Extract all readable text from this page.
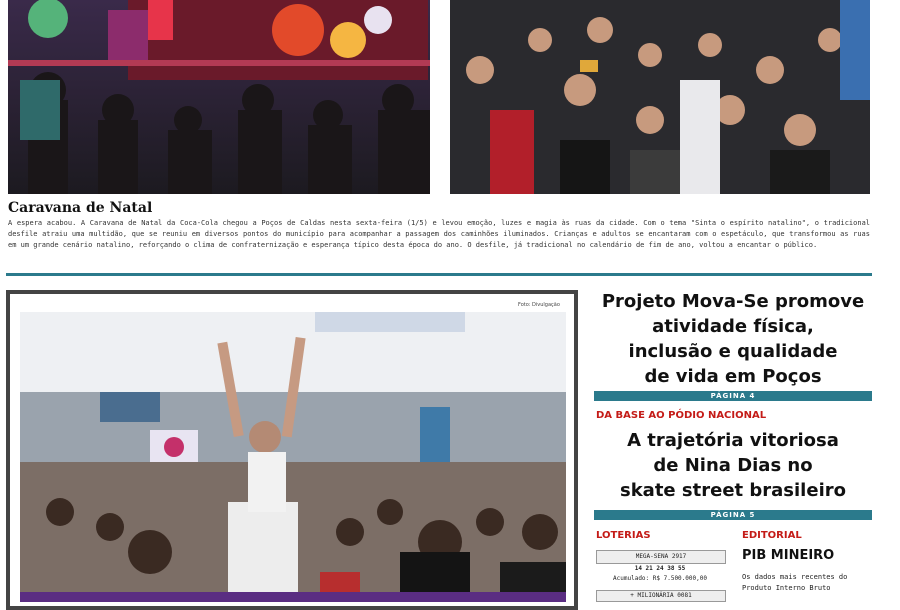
Caravana de Natal
A espera acabou. A Caravana de Natal da Coca-Cola chegou a Poços de Caldas nesta sexta-feira (1/5) e levou emoção, luzes e magia às ruas da cidade. Com o tema "Sinta o espírito natalino", o tradicional desfile atraiu uma multidão, que se reuniu em diversos pontos do município para acompanhar a passagem dos caminhões iluminados. Crianças e adultos se encantaram com o espetáculo, que transformou as ruas em um grande cenário natalino, reforçando o clima de confraternização e esperança típico desta época do ano. O desfile, já tradicional no calendário de fim de ano, voltou a encantar o público.
Foto: Divulgação	Projeto Mova-Se promove
atividade física,
inclusão e qualidade
de vida em Poços
PÁGINA 4
DA BASE AO PÓDIO NACIONAL
A trajetória vitoriosa
de Nina Dias no
skate street brasileiro
PÁGINA 5
LOTERIAS
MEGA-SENA 2917
14 21 24 38 55
Acumulado: R$ 7.500.000,00
+ MILIONÁRIA 0081
EDITORIAL
PIB MINEIRO
Os dados mais recentes do Produto Interno Bruto
